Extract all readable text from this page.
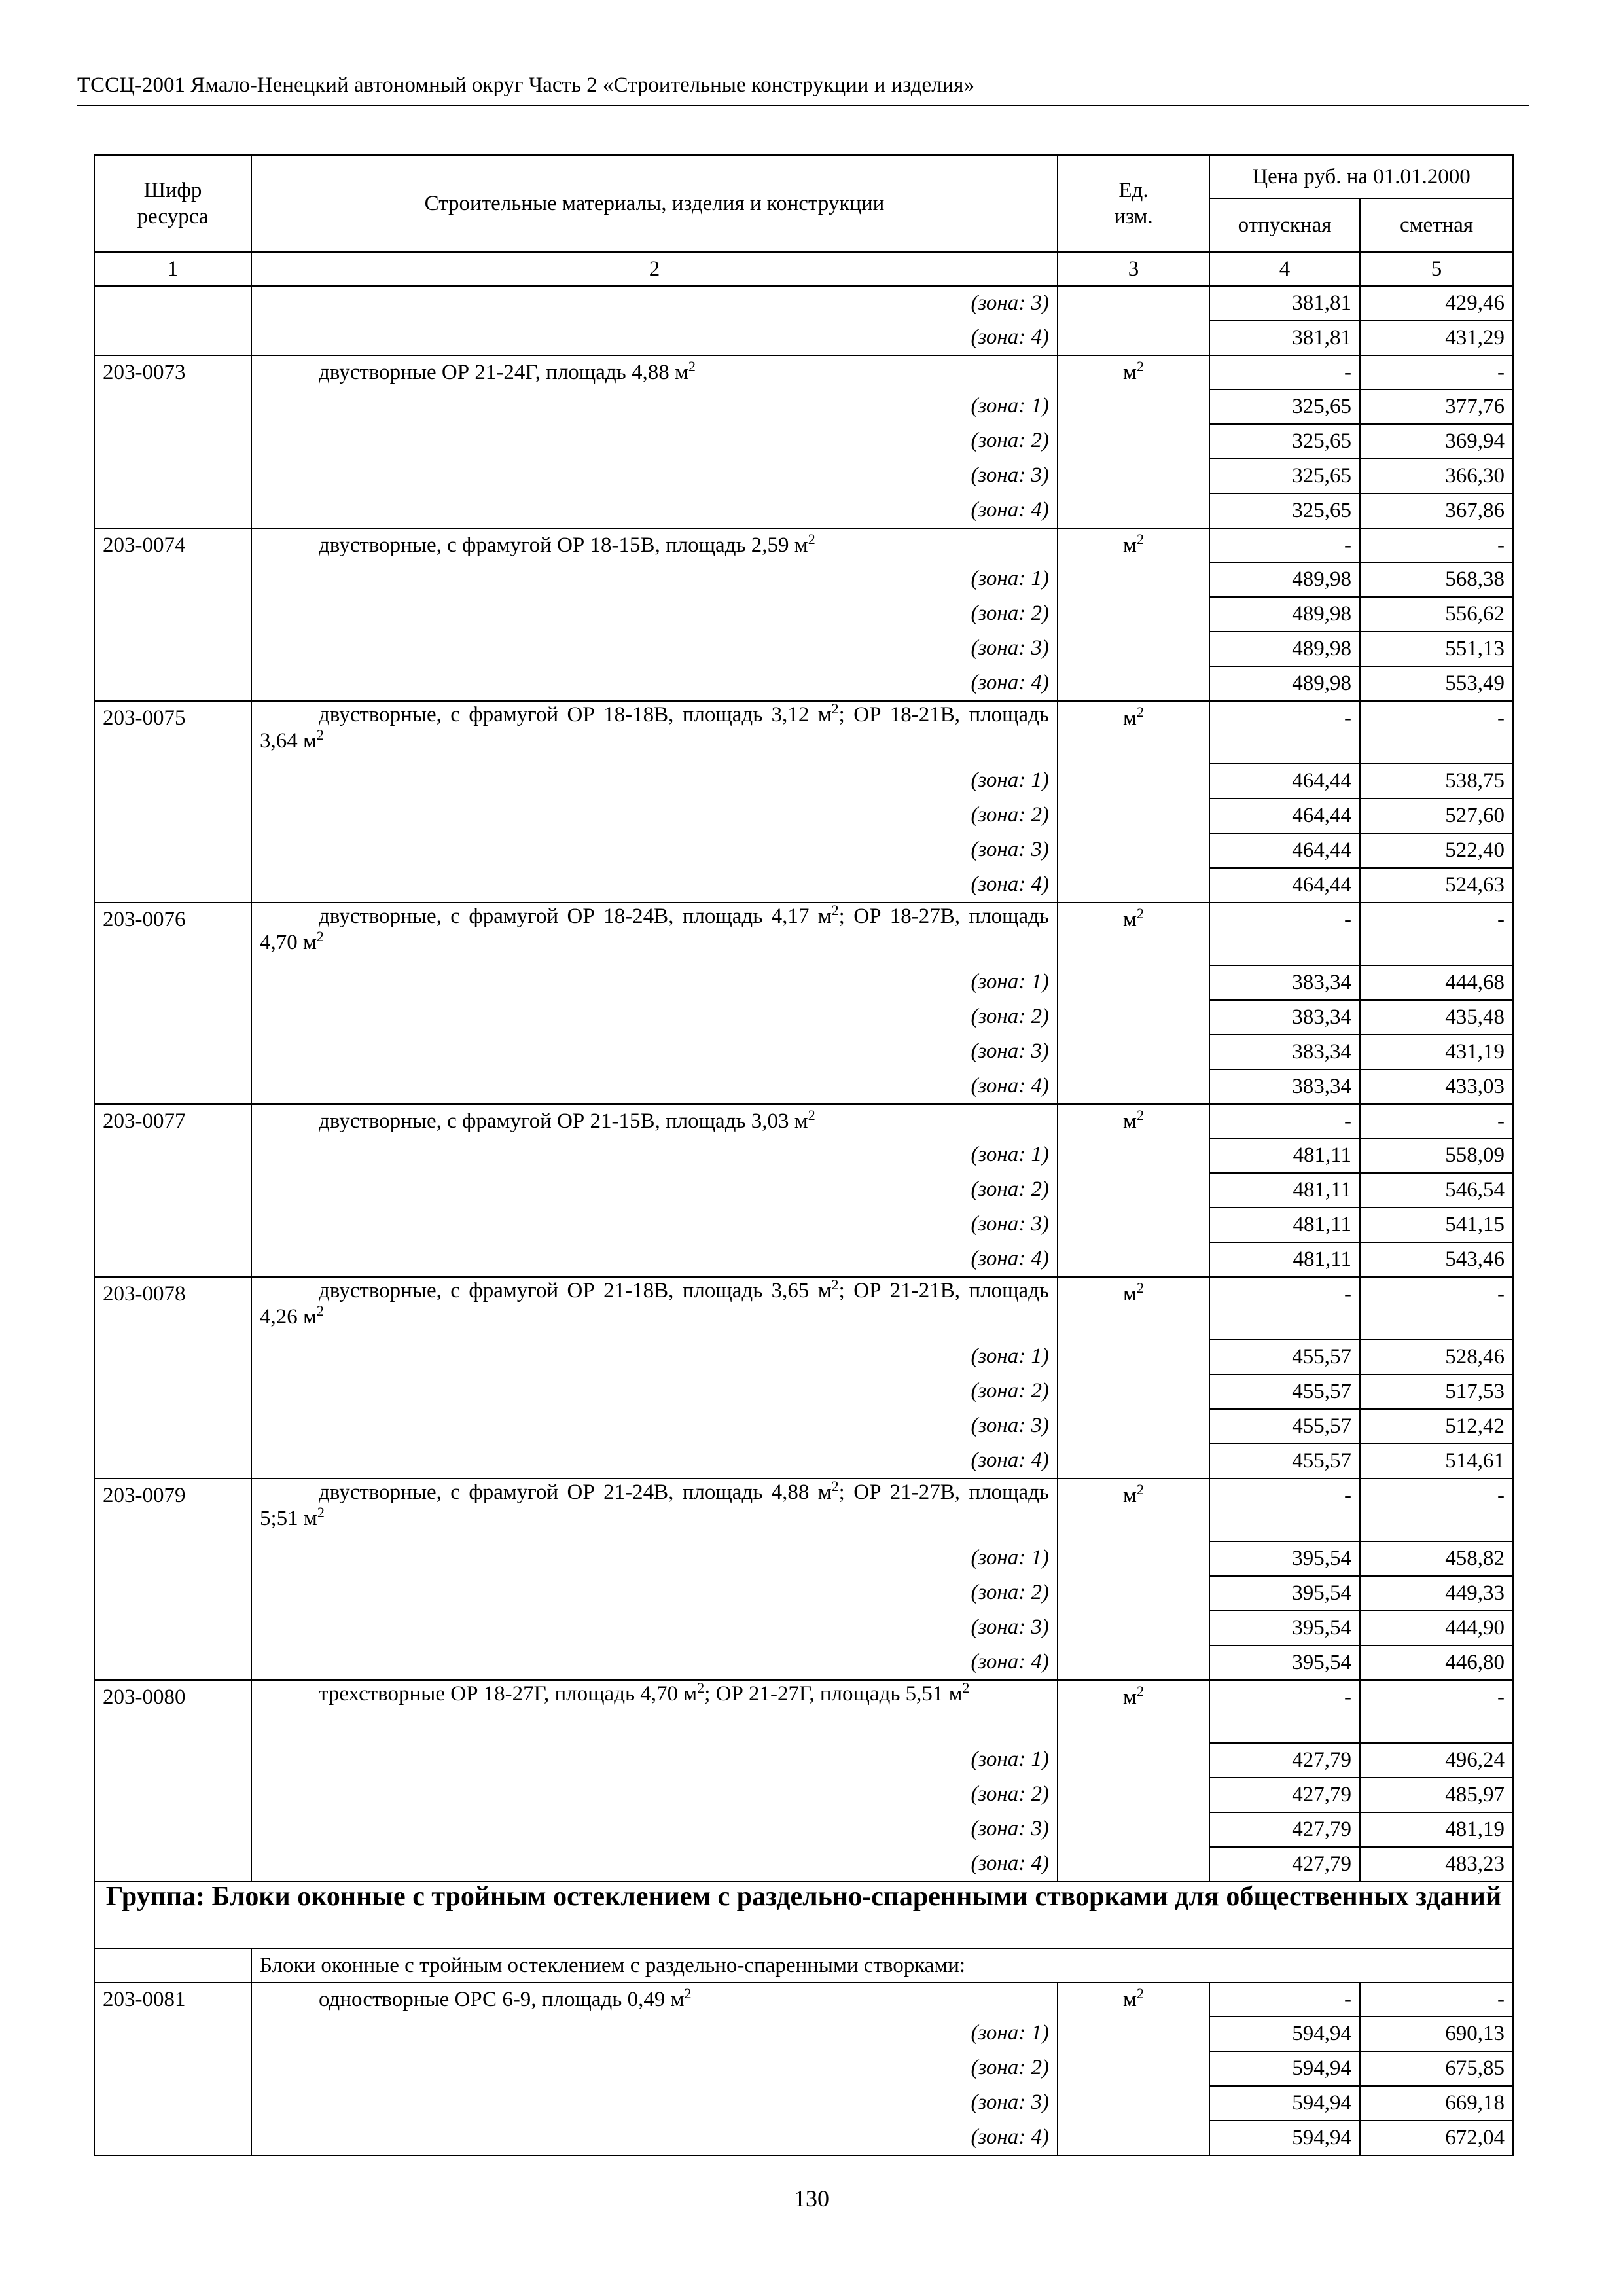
ТССЦ-2001 Ямало-Ненецкий автономный округ Часть 2 «Строительные конструкции и изделия»
Шифр ресурса	Строительные материалы, изделия и конструкции	Ед. изм.	Цена руб. на 01.01.2000	
			отпускная	сметная
1	2	3	4	5
	(зона: 3)		381,81	429,46
	(зона: 4)		381,81	431,29
203-0073	двустворные ОР 21-24Г, площадь 4,88 $м^2$	$м^2$	-	-
	(зона: 1)		325,65	377,76
	(зона: 2)		325,65	369,94
	(зона: 3)		325,65	366,30
	(зона: 4)		325,65	367,86
203-0074	двустворные, с фрамугой ОР 18-15В, площадь 2,59 $м^2$	$м^2$	-	-
	(зона: 1)		489,98	568,38
	(зона: 2)		489,98	556,62
	(зона: 3)		489,98	551,13
	(зона: 4)		489,98	553,49
203-0075	двустворные, с фрамугой ОР 18-18В, площадь 3,12 $м^2$; ОР 18-21В, площадь 3,64 $м^2$	$м^2$	-	-
	(зона: 1)		464,44	538,75
	(зона: 2)		464,44	527,60
	(зона: 3)		464,44	522,40
	(зона: 4)		464,44	524,63
203-0076	двустворные, с фрамугой ОР 18-24В, площадь 4,17 $м^2$; ОР 18-27В, площадь 4,70 $м^2$	$м^2$	-	-
	(зона: 1)		383,34	444,68
	(зона: 2)		383,34	435,48
	(зона: 3)		383,34	431,19
	(зона: 4)		383,34	433,03
203-0077	двустворные, с фрамугой ОР 21-15В, площадь 3,03 $м^2$	$м^2$	-	-
	(зона: 1)		481,11	558,09
	(зона: 2)		481,11	546,54
	(зона: 3)		481,11	541,15
	(зона: 4)		481,11	543,46
203-0078	двустворные, с фрамугой ОР 21-18В, площадь 3,65 $м^2$; ОР 21-21В, площадь 4,26 $м^2$	$м^2$	-	-
	(зона: 1)		455,57	528,46
	(зона: 2)		455,57	517,53
	(зона: 3)		455,57	512,42
	(зона: 4)		455,57	514,61
203-0079	двустворные, с фрамугой ОР 21-24В, площадь 4,88 $м^2$; ОР 21-27В, площадь 5;51 $м^2$	$м^2$	-	-
	(зона: 1)		395,54	458,82
	(зона: 2)		395,54	449,33
	(зона: 3)		395,54	444,90
	(зона: 4)		395,54	446,80
203-0080	трехстворные ОР 18-27Г, площадь 4,70 $м^2$; ОР 21-27Г, площадь 5,51 $м^2$	$м^2$	-	-
	(зона: 1)		427,79	496,24
	(зона: 2)		427,79	485,97
	(зона: 3)		427,79	481,19
	(зона: 4)		427,79	483,23
Группа: Блоки оконные с тройным остеклением с раздельно-спаренными створками для общественных зданий				
	Блоки оконные с тройным остеклением с раздельно-спаренными створками:			
203-0081	одностворные ОРС 6-9, площадь 0,49 $м^2$	$м^2$	-	-
	(зона: 1)		594,94	690,13
	(зона: 2)		594,94	675,85
	(зона: 3)		594,94	669,18
	(зона: 4)		594,94	672,04
130
